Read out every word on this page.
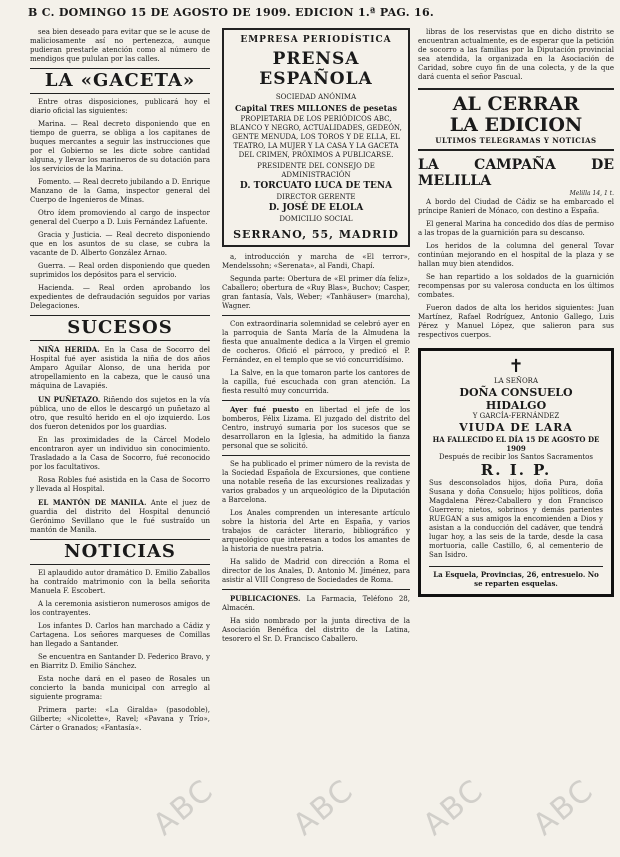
B C. DOMINGO 15 DE AGOSTO DE 1909. EDICION 1.ª PAG. 16.

sea bien deseado para evitar que se le acuse de maliciosamente así no pertenezca, aunque pudieran prestarle atención como al número de mendigos que pululan por las calles.

LA «GACETA»

Entre otras disposiciones, publicará hoy el diario oficial las siguientes:

Marina. — Real decreto disponiendo que en tiempo de guerra, se obliga a los capitanes de buques mercantes a seguir las instrucciones que por el Gobierno se les dicte sobre cantidad alguna, y llevar los marineros de su dotación para los servicios de la Marina.

Fomento. — Real decreto jubilando a D. Enrique Manzano de la Gama, inspector general del Cuerpo de Ingenieros de Minas.

Otro ídem promoviendo al cargo de inspector general del Cuerpo a D. Luis Fernández Lafuente.

Gracia y Justicia. — Real decreto disponiendo que en los asuntos de su clase, se cubra la vacante de D. Alberto González Arnao.

Guerra. — Real orden disponiendo que queden suprimidos los depósitos para el servicio.

Hacienda. — Real orden aprobando los expedientes de defraudación seguidos por varias Delegaciones.

SUCESOS

NIÑA HERIDA. En la Casa de Socorro del Hospital fué ayer asistida la niña de dos años Amparo Aguilar Alonso, de una herida por atropellamiento en la cabeza, que le causó una máquina de Lavapiés.

UN PUÑETAZO. Riñendo dos sujetos en la vía pública, uno de ellos le descargó un puñetazo al otro, que resultó herido en el ojo izquierdo. Los dos fueron detenidos por los guardias.

En las proximidades de la Cárcel Modelo encontraron ayer un individuo sin conocimiento. Trasladado a la Casa de Socorro, fué reconocido por los facultativos.

Rosa Robles fué asistida en la Casa de Socorro y llevada al Hospital.

EL MANTÓN DE MANILA. Ante el juez de guardia del distrito del Hospital denunció Gerónimo Sevillano que le fué sustraído un mantón de Manila.

NOTICIAS

El aplaudido autor dramático D. Emilio Zaballos ha contraído matrimonio con la bella señorita Manuela F. Escobert.

A la ceremonia asistieron numerosos amigos de los contrayentes.

Los infantes D. Carlos han marchado a Cádiz y Cartagena. Los señores marqueses de Comillas han llegado a Santander.

Se encuentra en Santander D. Federico Bravo, y en Biarritz D. Emilio Sánchez.

Esta noche dará en el paseo de Rosales un concierto la banda municipal con arreglo al siguiente programa:

Primera parte: «La Giralda» (pasodoble), Gilberte; «Nicolette», Ravel; «Pavana y Trío», Cárter o Granados; «Fantasía».

EMPRESA PERIODÍSTICA
PRENSA ESPAÑOLA
SOCIEDAD ANÓNIMA
Capital TRES MILLONES de pesetas
PROPIETARIA DE LOS PERIÓDICOS ABC, BLANCO Y NEGRO, ACTUALIDADES, GEDEÓN, GENTE MENUDA, LOS TOROS Y DE ELLA, EL TEATRO, LA MUJER Y LA CASA Y LA GACETA DEL CRIMEN, PRÓXIMOS A PUBLICARSE.
PRESIDENTE DEL CONSEJO DE ADMINISTRACIÓN
D. TORCUATO LUCA DE TENA
DIRECTOR GERENTE
D. JOSÉ DE ELOLA
DOMICILIO SOCIAL
SERRANO, 55, MADRID

a, introducción y marcha de «El terror», Mendelssohn; «Serenata», al Fandi, Chapí.

Segunda parte: Obertura de «El primer día feliz», Caballero; obertura de «Ruy Blas», Buchov; Casper, gran fantasía, Vals, Weber; «Tanhäuser» (marcha), Wagner.

Con extraordinaria solemnidad se celebró ayer en la parroquia de Santa María de la Almudena la fiesta que anualmente dedica a la Virgen el gremio de cocheros. Ofició el párroco, y predicó el P. Fernández, en el templo que se vió concurridísimo.

La Salve, en la que tomaron parte los cantores de la capilla, fué escuchada con gran atención. La fiesta resultó muy concurrida.

Ayer fué puesto en libertad el jefe de los bomberos, Félix Lizama. El juzgado del distrito del Centro, instruyó sumaria por los sucesos que se desarrollaron en la Iglesia, ha admitido la fianza personal que se solicitó.

Se ha publicado el primer número de la revista de la Sociedad Española de Excursiones, que contiene una notable reseña de las excursiones realizadas y varios grabados y un arqueológico de la Diputación a Barcelona.

Los Anales comprenden un interesante artículo sobre la historia del Arte en España, y varios trabajos de carácter literario, bibliográfico y arqueológico que interesan a todos los amantes de la historia de nuestra patria.

Ha salido de Madrid con dirección a Roma el director de los Anales, D. Antonio M. Jiménez, para asistir al VIII Congreso de Sociedades de Roma.

PUBLICACIONES. La Farmacia, Teléfono 28, Almacén.

Ha sido nombrado por la junta directiva de la Asociación Benéfica del distrito de la Latina, tesorero el Sr. D. Francisco Caballero.

libras de los reservistas que en dicho distrito se encuentran actualmente, es de esperar que la petición de socorro a las familias por la Diputación provincial sea atendida, la organizada en la Asociación de Caridad, sobre cuyo fin de una colecta, y de la que dará cuenta el señor Pascual.

AL CERRAR
LA EDICION
ULTIMOS TELEGRAMAS Y NOTICIAS
LA CAMPAÑA DE MELILLA
Melilla 14, 1 t.

A bordo del Ciudad de Cádiz se ha embarcado el príncipe Ranieri de Mónaco, con destino a España.

El general Marina ha concedido dos días de permiso a las tropas de la guarnición para su descanso.

Los heridos de la columna del general Tovar continúan mejorando en el hospital de la plaza y se hallan muy bien atendidos.

Se han repartido a los soldados de la guarnición recompensas por su valerosa conducta en los últimos combates.

Fueron dados de alta los heridos siguientes: Juan Martínez, Rafael Rodríguez, Antonio Gallego, Luis Pérez y Manuel López, que salieron para sus respectivos cuerpos.

✝
LA SEÑORA
DOÑA CONSUELO HIDALGO
Y GARCÍA-FERNÁNDEZ
VIUDA DE LARA
HA FALLECIDO EL DÍA 15 DE AGOSTO DE 1909
Después de recibir los Santos Sacramentos
R. I. P.
Sus desconsolados hijos, doña Pura, doña Susana y doña Consuelo; hijos políticos, doña Magdalena Pérez-Caballero y don Francisco Guerrero; nietos, sobrinos y demás parientes RUEGAN a sus amigos la encomienden a Dios y asistan a la conducción del cadáver, que tendrá lugar hoy, a las seis de la tarde, desde la casa mortuoria, calle Castillo, 6, al cementerio de San Isidro.
La Esquela, Provincias, 26, entresuelo. No se reparten esquelas.
ABC ABC ABC ABC
